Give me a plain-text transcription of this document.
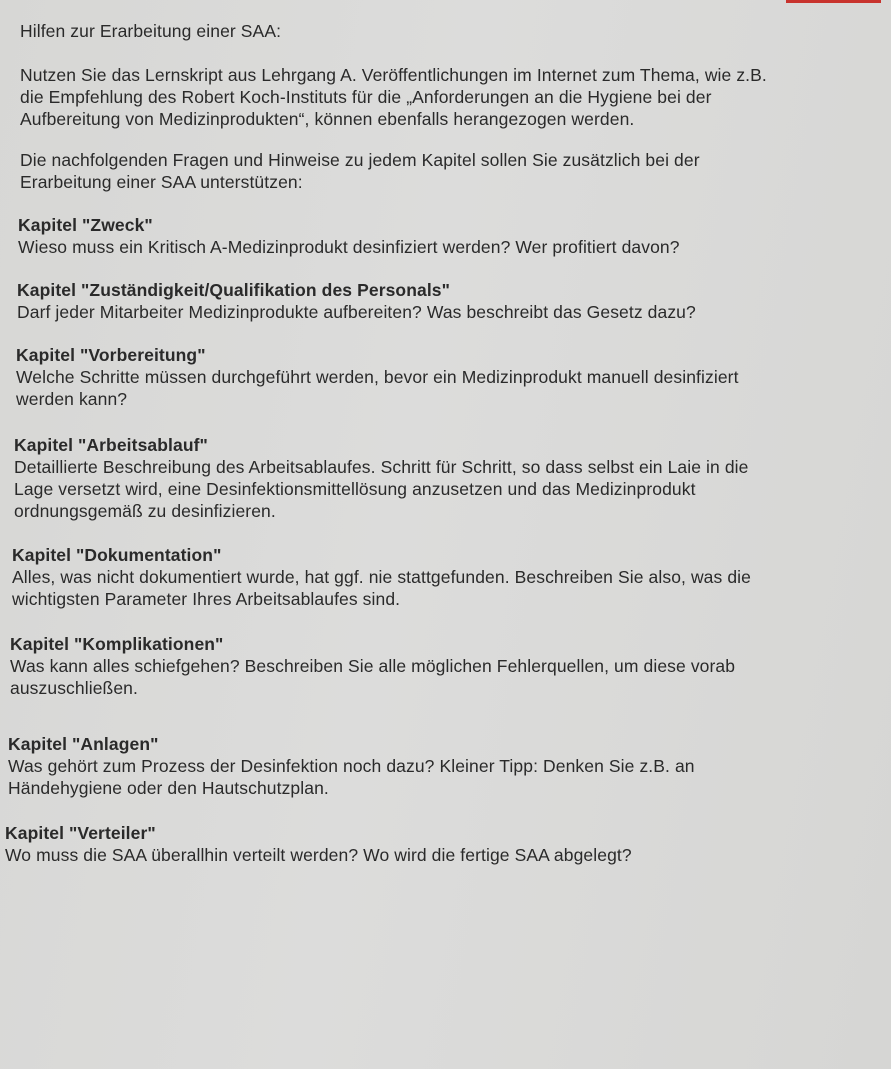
Hilfen zur Erarbeitung einer SAA:
Nutzen Sie das Lernskript aus Lehrgang A. Veröffentlichungen im Internet zum Thema, wie z.B.
die Empfehlung des Robert Koch-Instituts für die „Anforderungen an die Hygiene bei der
Aufbereitung von Medizinprodukten“, können ebenfalls herangezogen werden.
Die nachfolgenden Fragen und Hinweise zu jedem Kapitel sollen Sie zusätzlich bei der
Erarbeitung einer SAA unterstützen:
Kapitel "Zweck"
Wieso muss ein Kritisch A-Medizinprodukt desinfiziert werden? Wer profitiert davon?
Kapitel "Zuständigkeit/Qualifikation des Personals"
Darf jeder Mitarbeiter Medizinprodukte aufbereiten? Was beschreibt das Gesetz dazu?
Kapitel "Vorbereitung"
Welche Schritte müssen durchgeführt werden, bevor ein Medizinprodukt manuell desinfiziert
werden kann?
Kapitel "Arbeitsablauf"
Detaillierte Beschreibung des Arbeitsablaufes. Schritt für Schritt, so dass selbst ein Laie in die
Lage versetzt wird, eine Desinfektionsmittellösung anzusetzen und das Medizinprodukt
ordnungsgemäß zu desinfizieren.
Kapitel "Dokumentation"
Alles, was nicht dokumentiert wurde, hat ggf. nie stattgefunden. Beschreiben Sie also, was die
wichtigsten Parameter Ihres Arbeitsablaufes sind.
Kapitel "Komplikationen"
Was kann alles schiefgehen? Beschreiben Sie alle möglichen Fehlerquellen, um diese vorab
auszuschließen.
Kapitel "Anlagen"
Was gehört zum Prozess der Desinfektion noch dazu? Kleiner Tipp: Denken Sie z.B. an
Händehygiene oder den Hautschutzplan.
Kapitel "Verteiler"
Wo muss die SAA überallhin verteilt werden? Wo wird die fertige SAA abgelegt?
